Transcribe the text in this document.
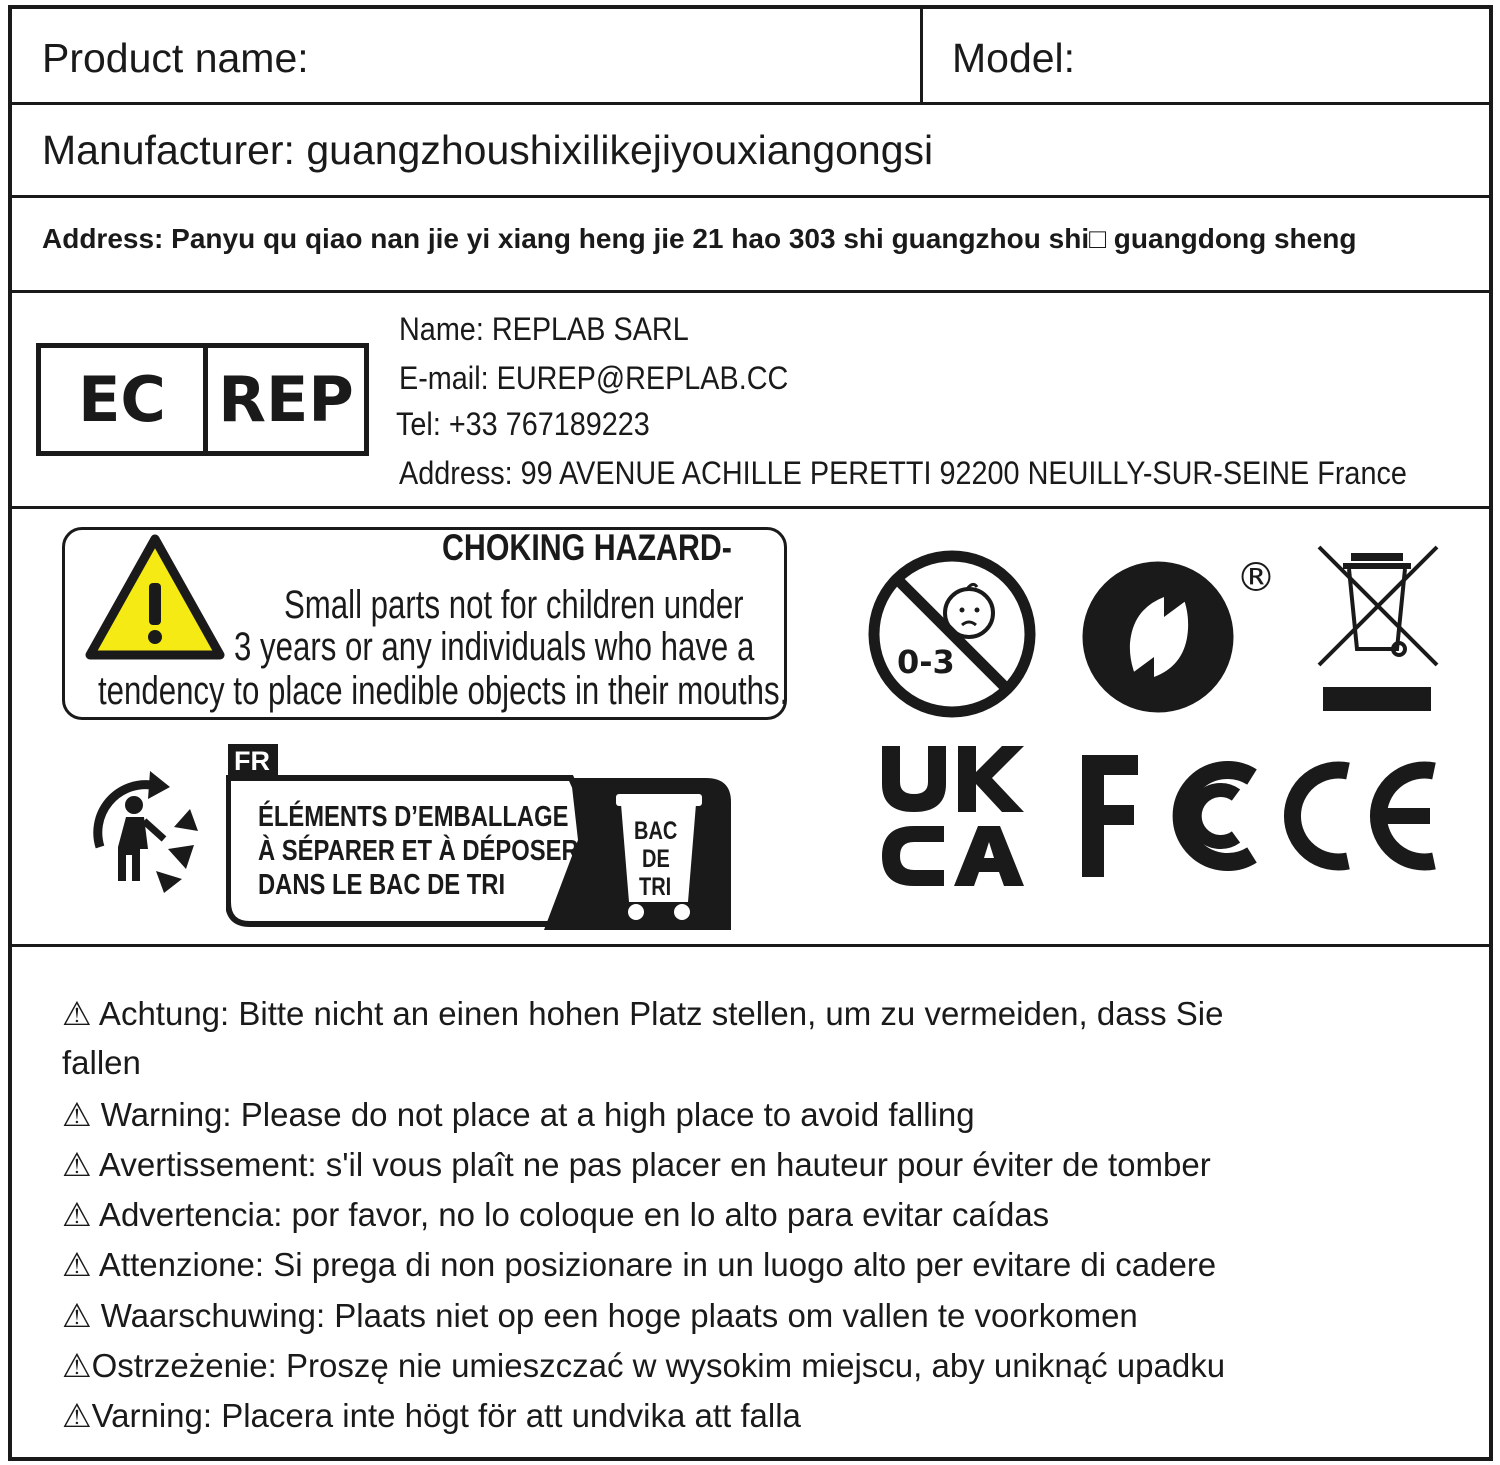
Product name:	Model:
Manufacturer: guangzhoushixilikejiyouxiangongsi
Address: Panyu qu qiao nan jie yi xiang heng jie 21 hao 303 shi guangzhou shi□ guangdong sheng
EC REP
Name: REPLAB SARL
E-mail: EUREP@REPLAB.CC
Tel: +33 767189223
Address: 99 AVENUE ACHILLE PERETTI 92200 NEUILLY-SUR-SEINE France
CHOKING HAZARD-
Small parts not for children under
3 years or any individuals who have a
tendency to place inedible objects in their mouths.
FR
ÉLÉMENTS D’EMBALLAGE
À SÉPARER ET À DÉPOSER
DANS LE BAC DE TRI
BAC
DE
TRI
0-3
®
⚠ Achtung: Bitte nicht an einen hohen Platz stellen, um zu vermeiden, dass Sie
fallen
⚠ Warning: Please do not place at a high place to avoid falling
⚠ Avertissement: s'il vous plaît ne pas placer en hauteur pour éviter de tomber
⚠ Advertencia: por favor, no lo coloque en lo alto para evitar caídas
⚠ Attenzione: Si prega di non posizionare in un luogo alto per evitare di cadere
⚠ Waarschuwing: Plaats niet op een hoge plaats om vallen te voorkomen
⚠Ostrzeżenie: Proszę nie umieszczać w wysokim miejscu, aby uniknąć upadku
⚠Varning: Placera inte högt för att undvika att falla
